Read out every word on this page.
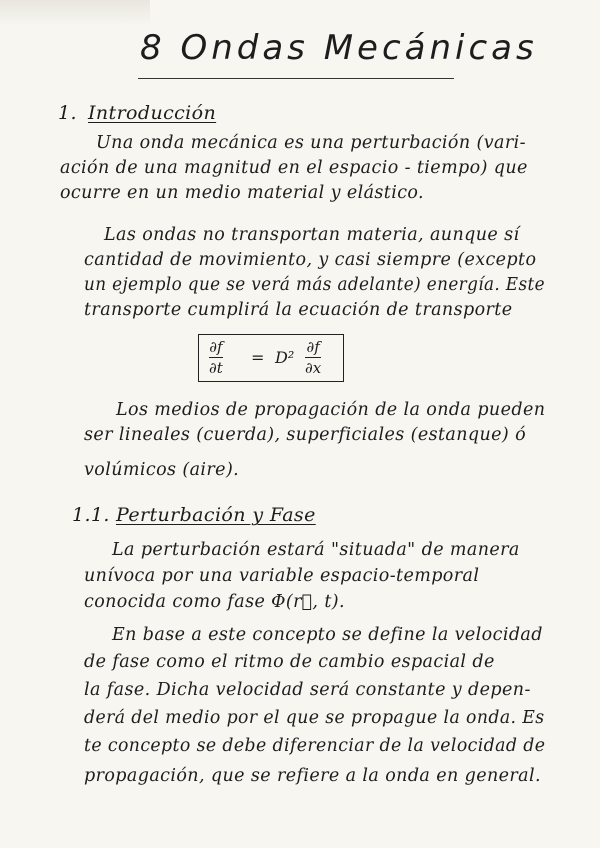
8 Ondas Mecánicas
1. Introducción
Una onda mecánica es una perturbación (vari-
ación de una magnitud en el espacio - tiempo) que
ocurre en un medio material y elástico.
Las ondas no transportan materia, aunque sí
cantidad de movimiento, y casi siempre (excepto
un ejemplo que se verá más adelante) energía. Este
transporte cumplirá la ecuación de transporte
∂f
∂t
= D²
∂f
∂x
Los medios de propagación de la onda pueden
ser lineales (cuerda), superficiales (estanque) ó
volúmicos (aire).
1.1. Perturbación y Fase
La perturbación estará "situada" de manera
unívoca por una variable espacio-temporal
conocida como fase Φ(r⃗, t).
En base a este concepto se define la velocidad
de fase como el ritmo de cambio espacial de
la fase. Dicha velocidad será constante y depen-
derá del medio por el que se propague la onda. Es
te concepto se debe diferenciar de la velocidad de
propagación, que se refiere a la onda en general.
